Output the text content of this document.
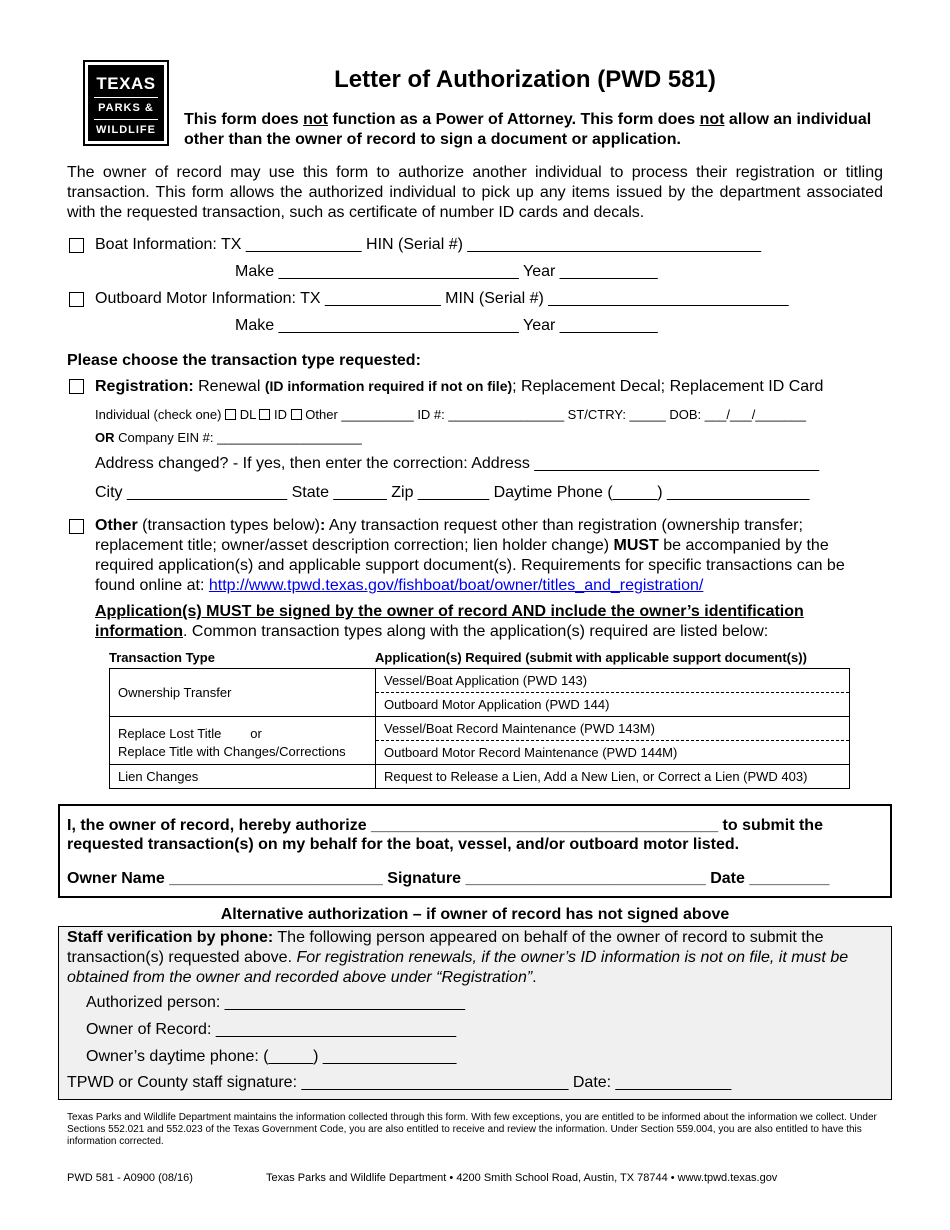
TEXAS
PARKS &
WILDLIFE
Letter of Authorization (PWD 581)
This form does not function as a Power of Attorney. This form does not allow an individual other than the owner of record to sign a document or application.
The owner of record may use this form to authorize another individual to process their registration or titling transaction. This form allows the authorized individual to pick up any items issued by the department associated with the requested transaction, such as certificate of number ID cards and decals.
Boat Information: TX _____________ HIN (Serial #) _________________________________
Make ___________________________ Year ___________
Outboard Motor Information: TX _____________ MIN (Serial #) ___________________________
Make ___________________________ Year ___________
Please choose the transaction type requested:
Registration: Renewal (ID information required if not on file); Replacement Decal; Replacement ID Card
Individual (check one)  DL  ID  Other __________ ID #: ________________ ST/CTRY: _____ DOB: ___/___/_______
OR Company EIN #: ____________________
Address changed? - If yes, then enter the correction: Address ________________________________
City __________________ State ______ Zip ________ Daytime Phone (_____) ________________
Other (transaction types below): Any transaction request other than registration (ownership transfer; replacement title; owner/asset description correction; lien holder change) MUST be accompanied by the required application(s) and applicable support document(s). Requirements for specific transactions can be found online at: http://www.tpwd.texas.gov/fishboat/boat/owner/titles_and_registration/
Application(s) MUST be signed by the owner of record AND include the owner’s identification information. Common transaction types along with the application(s) required are listed below:
Transaction Type	Application(s) Required (submit with applicable support document(s))
Ownership Transfer	Vessel/Boat Application (PWD 143)
	Outboard Motor Application (PWD 144)

Replace Lost Title        or
Replace Title with Changes/Corrections	Vessel/Boat Record Maintenance (PWD 143M)
	Outboard Motor Record Maintenance (PWD 144M)
Lien Changes	Request to Release a Lien, Add a New Lien, or Correct a Lien (PWD 403)
I, the owner of record, hereby authorize _______________________________________ to submit the
requested transaction(s) on my behalf for the boat, vessel, and/or outboard motor listed.
Owner Name ________________________ Signature ___________________________ Date _________
Alternative authorization – if owner of record has not signed above
Staff verification by phone: The following person appeared on behalf of the owner of record to submit the transaction(s) requested above. For registration renewals, if the owner’s ID information is not on file, it must be obtained from the owner and recorded above under “Registration”.
Authorized person: ___________________________
Owner of Record: ___________________________
Owner’s daytime phone: (_____) _______________
TPWD or County staff signature: ______________________________ Date: _____________
Texas Parks and Wildlife Department maintains the information collected through this form. With few exceptions, you are entitled to be informed about the information we collect. Under Sections 552.021 and 552.023 of the Texas Government Code, you are also entitled to receive and review the information. Under Section 559.004, you are also entitled to have this information corrected.
PWD 581 - A0900 (08/16)	Texas Parks and Wildlife Department • 4200 Smith School Road, Austin, TX 78744 • www.tpwd.texas.gov
